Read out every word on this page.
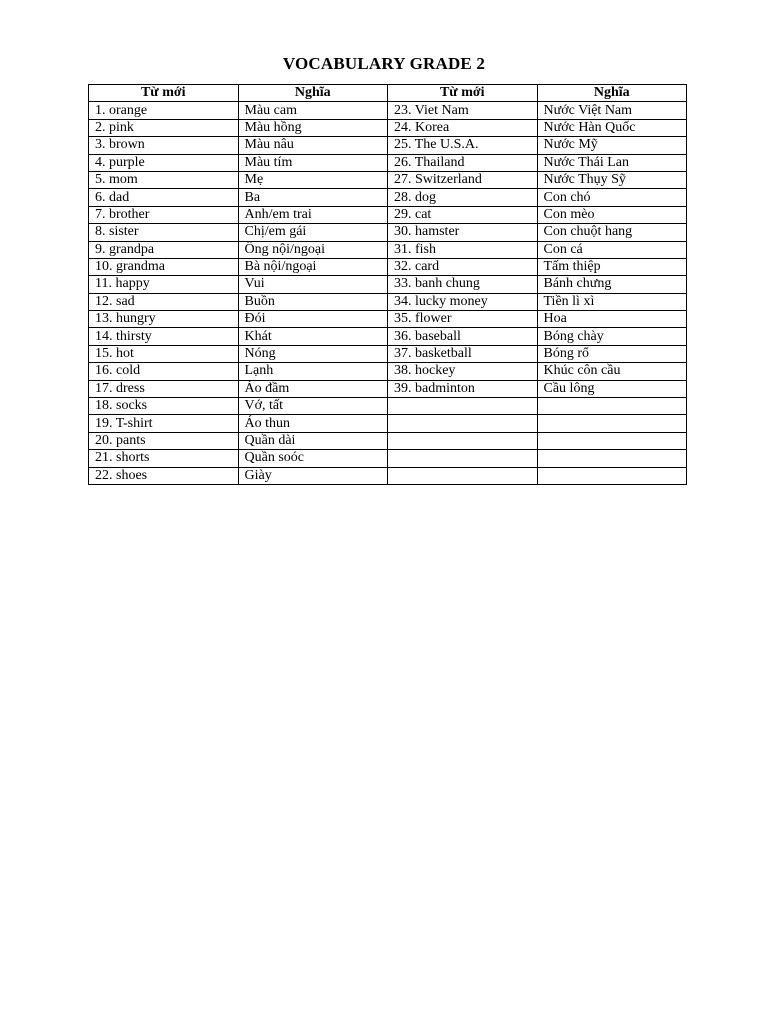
VOCABULARY GRADE 2
Từ mới	Nghĩa	Từ mới	Nghĩa
1. orange	Màu cam	23. Viet Nam	Nước Việt Nam
2. pink	Màu hồng	24. Korea	Nước Hàn Quốc
3. brown	Màu nâu	25. The U.S.A.	Nước Mỹ
4. purple	Màu tím	26. Thailand	Nước Thái Lan
5. mom	Mẹ	27. Switzerland	Nước Thụy Sỹ
6. dad	Ba	28. dog	Con chó
7. brother	Anh/em trai	29. cat	Con mèo
8. sister	Chị/em gái	30. hamster	Con chuột hang
9. grandpa	Ông nội/ngoại	31. fish	Con cá
10. grandma	Bà nội/ngoại	32. card	Tấm thiệp
11. happy	Vui	33. banh chung	Bánh chưng
12. sad	Buồn	34. lucky money	Tiền lì xì
13. hungry	Đói	35. flower	Hoa
14. thirsty	Khát	36. baseball	Bóng chày
15. hot	Nóng	37. basketball	Bóng rổ
16. cold	Lạnh	38. hockey	Khúc côn cầu
17. dress	Áo đầm	39. badminton	Cầu lông
18. socks	Vớ, tất		
19. T-shirt	Áo thun		
20. pants	Quần dài		
21. shorts	Quần soóc		
22. shoes	Giày		
